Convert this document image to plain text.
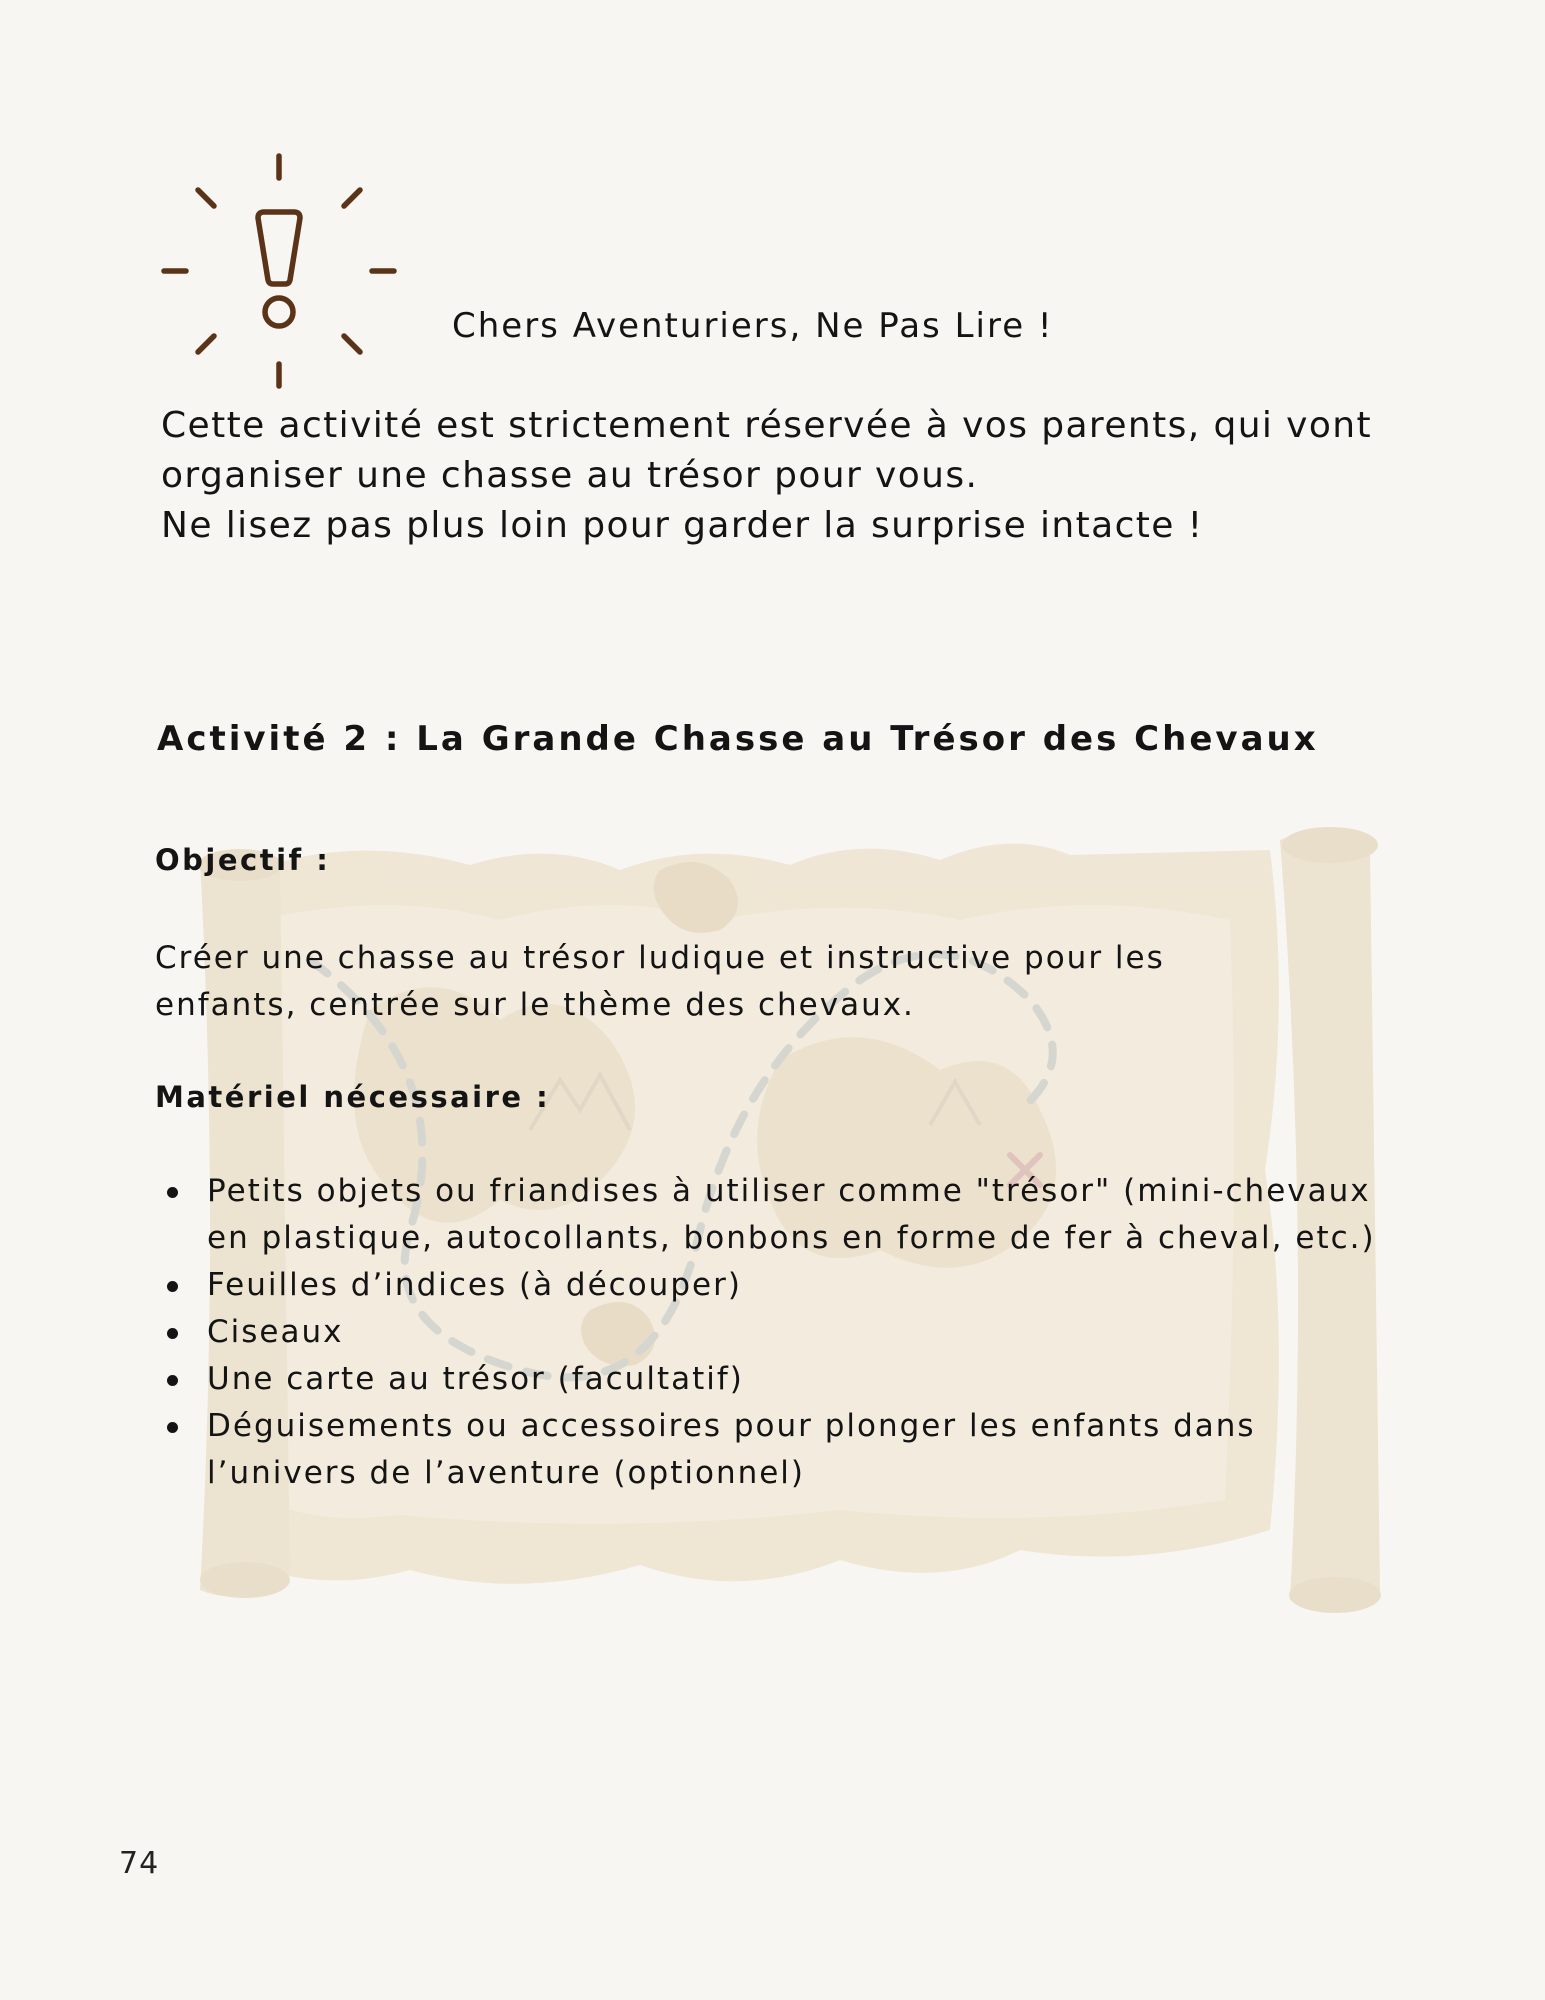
Chers Aventuriers, Ne Pas Lire !

Cette activité est strictement réservée à vos parents, qui vont

organiser une chasse au trésor pour vous.

Ne lisez pas plus loin pour garder la surprise intacte !

Activité 2 : La Grande Chasse au Trésor des Chevaux
Objectif :

Créer une chasse au trésor ludique et instructive pour les enfants, centrée sur le thème des chevaux.

Matériel nécessaire :
Petits objets ou friandises à utiliser comme "trésor" (mini-chevaux en plastique, autocollants, bonbons en forme de fer à cheval, etc.)
Feuilles d’indices (à découper)
Ciseaux
Une carte au trésor (facultatif)
Déguisements ou accessoires pour plonger les enfants dans l’univers de l’aventure (optionnel)
74
